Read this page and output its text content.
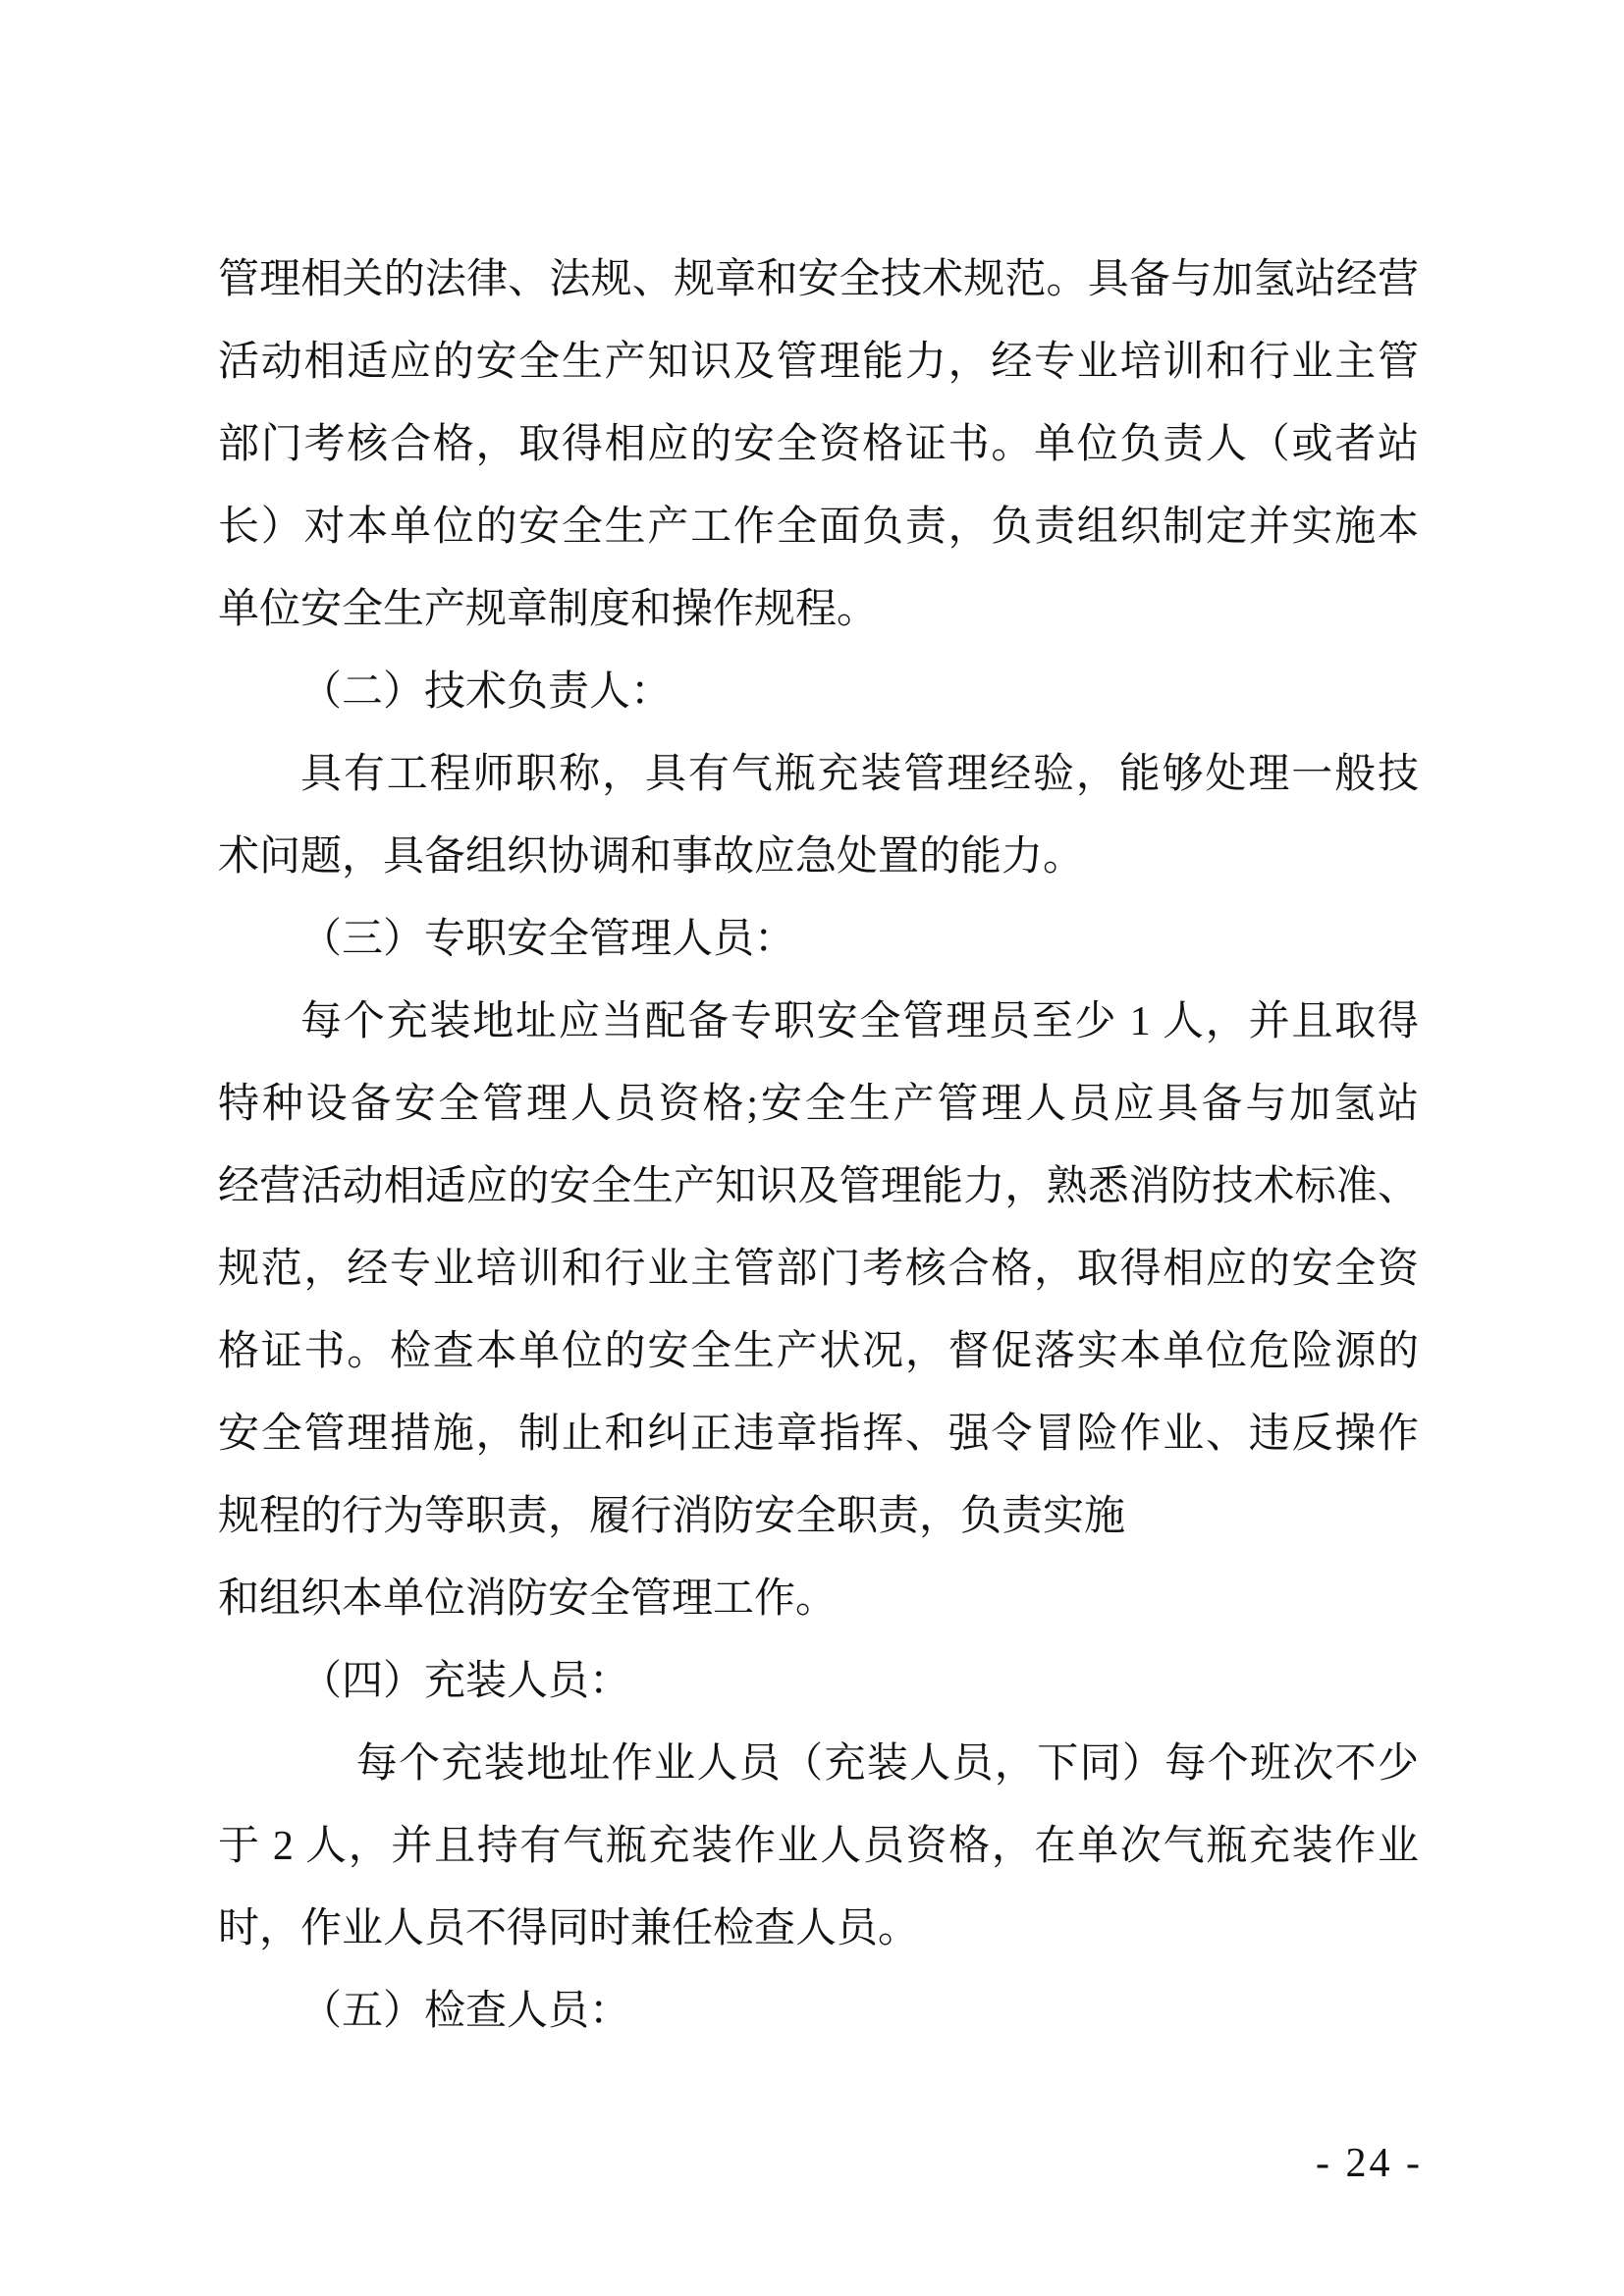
管理相关的法律、法规、规章和安全技术规范。具备与加氢站经营
活动相适应的安全生产知识及管理能力，经专业培训和行业主管
部门考核合格，取得相应的安全资格证书。单位负责人（或者站
长）对本单位的安全生产工作全面负责，负责组织制定并实施本
单位安全生产规章制度和操作规程。
（二）技术负责人：
具有工程师职称，具有气瓶充装管理经验，能够处理一般技
术问题，具备组织协调和事故应急处置的能力。
（三）专职安全管理人员：
每个充装地址应当配备专职安全管理员至少 1 人，并且取得
特种设备安全管理人员资格;安全生产管理人员应具备与加氢站
经营活动相适应的安全生产知识及管理能力，熟悉消防技术标准、
规范，经专业培训和行业主管部门考核合格，取得相应的安全资
格证书。检查本单位的安全生产状况，督促落实本单位危险源的
安全管理措施，制止和纠正违章指挥、强令冒险作业、违反操作
规程的行为等职责，履行消防安全职责，负责实施
和组织本单位消防安全管理工作。
（四）充装人员：
每个充装地址作业人员（充装人员，下同）每个班次不少
于 2 人，并且持有气瓶充装作业人员资格，在单次气瓶充装作业
时，作业人员不得同时兼任检查人员。
（五）检查人员：
- 24 -
